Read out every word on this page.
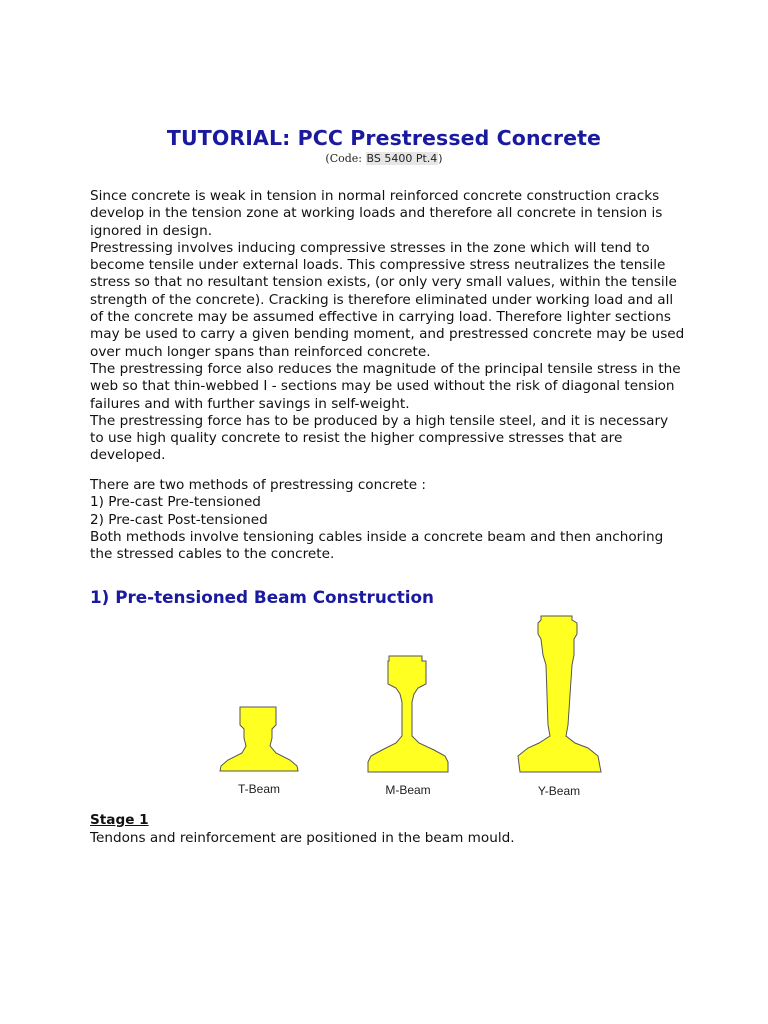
TUTORIAL: PCC Prestressed Concrete
(Code: BS 5400 Pt.4)
Since concrete is weak in tension in normal reinforced concrete construction cracks
develop in the tension zone at working loads and therefore all concrete in tension is
ignored in design.
Prestressing involves inducing compressive stresses in the zone which will tend to
become tensile under external loads. This compressive stress neutralizes the tensile
stress so that no resultant tension exists, (or only very small values, within the tensile
strength of the concrete). Cracking is therefore eliminated under working load and all
of the concrete may be assumed effective in carrying load. Therefore lighter sections
may be used to carry a given bending moment, and prestressed concrete may be used
over much longer spans than reinforced concrete.
The prestressing force also reduces the magnitude of the principal tensile stress in the
web so that thin-webbed I - sections may be used without the risk of diagonal tension
failures and with further savings in self-weight.
The prestressing force has to be produced by a high tensile steel, and it is necessary
to use high quality concrete to resist the higher compressive stresses that are
developed.
There are two methods of prestressing concrete :
1) Pre-cast Pre-tensioned
2) Pre-cast Post-tensioned
Both methods involve tensioning cables inside a concrete beam and then anchoring
the stressed cables to the concrete.
1) Pre-tensioned Beam Construction
T-Beam	M-Beam	Y-Beam
Stage 1
Tendons and reinforcement are positioned in the beam mould.
